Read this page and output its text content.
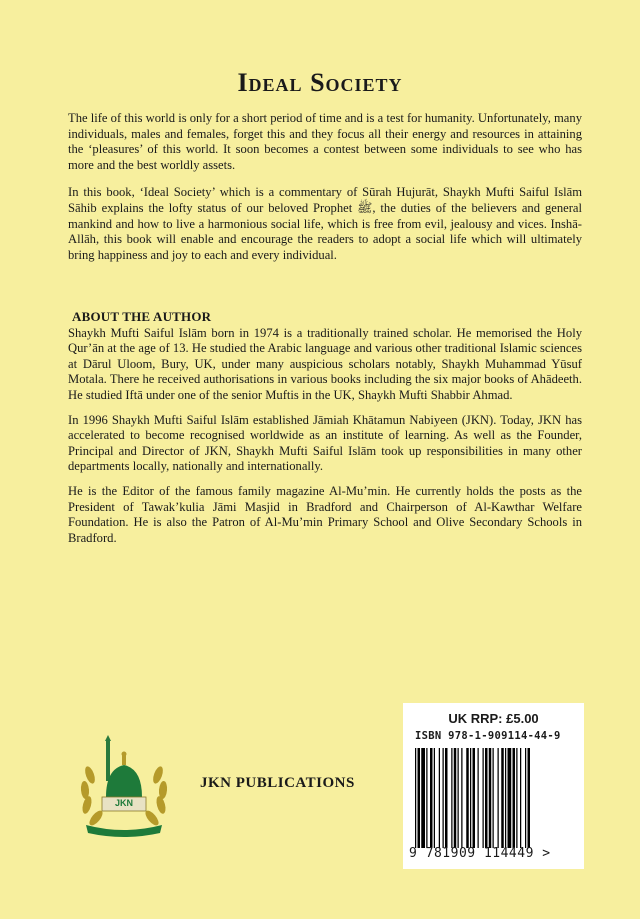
Ideal Society

The life of this world is only for a short period of time and is a test for humanity. Unfortunately, many individuals, males and females, forget this and they focus all their energy and resources in attaining the ‘pleasures’ of this world. It soon becomes a contest between some individuals to see who has more and the best worldly assets.

In this book, ‘Ideal Society’ which is a commentary of Sūrah Hujurāt, Shaykh Mufti Saiful Islām Sāhib explains the lofty status of our beloved Prophet ﷺ, the duties of the believers and general mankind and how to live a harmonious social life, which is free from evil, jealousy and vices. Inshā-Allāh, this book will enable and encourage the readers to adopt a social life which will ultimately bring happiness and joy to each and every individual.

ABOUT THE AUTHOR

Shaykh Mufti Saiful Islām born in 1974 is a traditionally trained scholar. He memorised the Holy Qur’ān at the age of 13. He studied the Arabic language and various other traditional Islamic sciences at Dārul Uloom, Bury, UK, under many auspicious scholars notably, Shaykh Muhammad Yūsuf Motala. There he received authorisations in various books including the six major books of Ahādeeth. He studied Iftā under one of the senior Muftis in the UK, Shaykh Mufti Shabbir Ahmad.

In 1996 Shaykh Mufti Saiful Islām established Jāmiah Khātamun Nabiyeen (JKN). Today, JKN has accelerated to become recognised worldwide as an institute of learning. As well as the Founder, Principal and Director of JKN, Shaykh Mufti Saiful Islām took up responsibilities in many other departments locally, nationally and internationally.

He is the Editor of the famous family magazine Al-Mu’min. He currently holds the posts as the President of Tawak’kulia Jāmi Masjid in Bradford and Chairperson of Al-Kawthar Welfare Foundation. He is also the Patron of Al-Mu’min Primary School and Olive Secondary Schools in Bradford.

JKN
JKN PUBLICATIONS
UK RRP: £5.00
ISBN 978-1-909114-44-9
9 781909 114449 >
